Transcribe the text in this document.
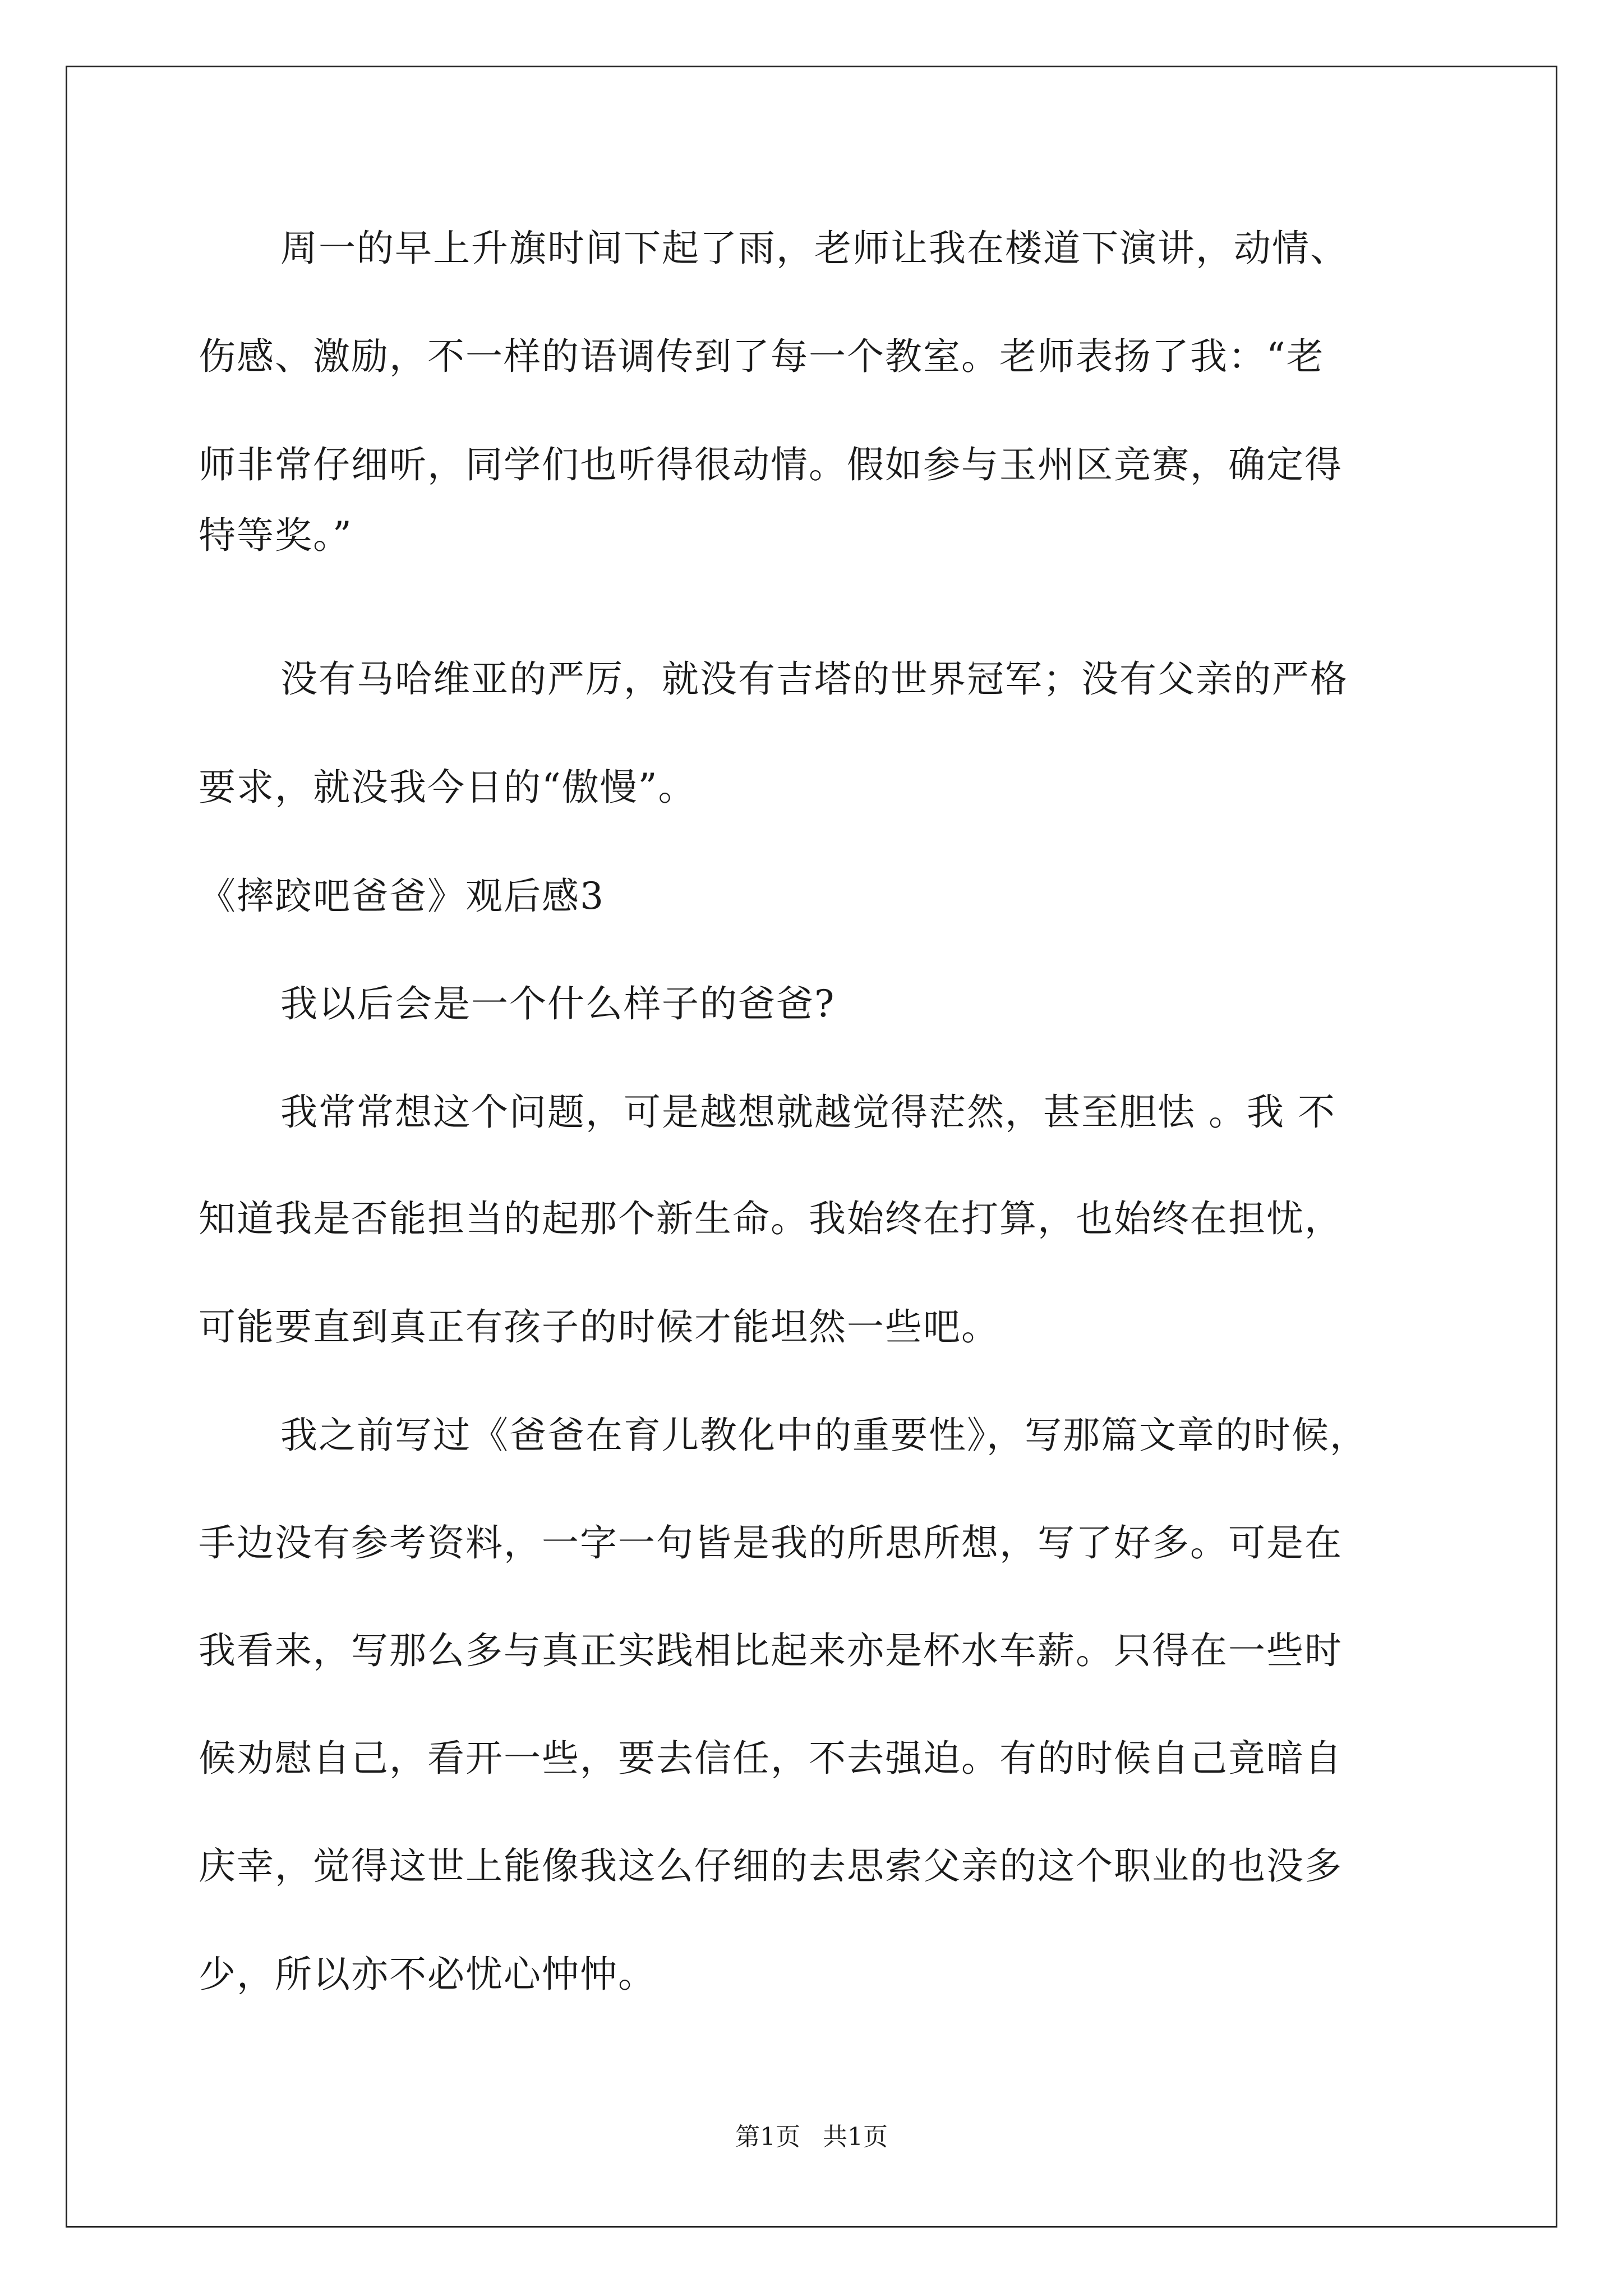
周一的早上升旗时间下起了雨，老师让我在楼道下演讲，动情、
伤感、激励，不一样的语调传到了每一个教室。老师表扬了我：“老
师非常仔细听，同学们也听得很动情。假如参与玉州区竞赛，确定得
特等奖。”
没有马哈维亚的严厉，就没有吉塔的世界冠军；没有父亲的严格
要求，就没我今日的“傲慢”。
《摔跤吧爸爸》观后感3
我以后会是一个什么样子的爸爸?
我常常想这个问题，可是越想就越觉得茫然，甚至胆怯 。我 不
知道我是否能担当的起那个新生命。我始终在打算，也始终在担忧，
可能要直到真正有孩子的时候才能坦然一些吧。
我之前写过《爸爸在育儿教化中的重要性》，写那篇文章的时候，
手边没有参考资料，一字一句皆是我的所思所想，写了好多。可是在
我看来，写那么多与真正实践相比起来亦是杯水车薪。只得在一些时
候劝慰自己，看开一些，要去信任，不去强迫。有的时候自己竟暗自
庆幸，觉得这世上能像我这么仔细的去思索父亲的这个职业的也没多
少，所以亦不必忧心忡忡。
第1页 共1页
